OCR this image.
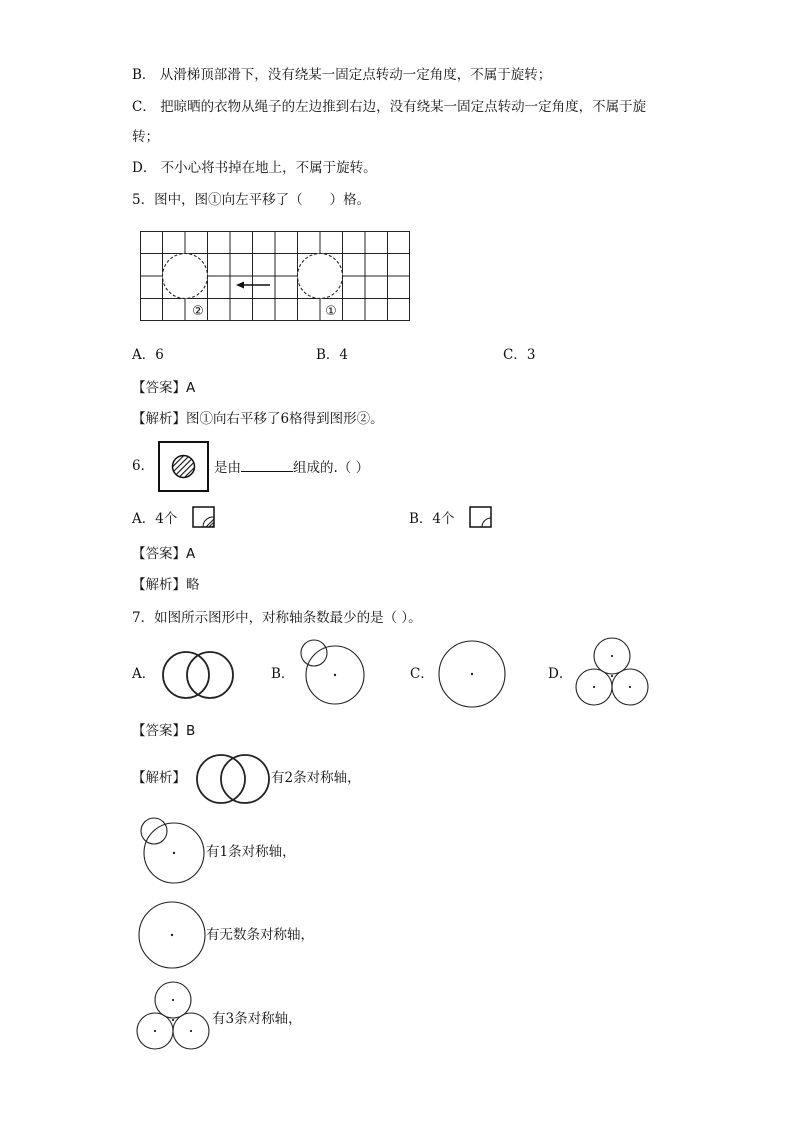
B． 从滑梯顶部滑下，没有绕某一固定点转动一定角度，不属于旋转；
C． 把晾晒的衣物从绳子的左边推到右边，没有绕某一固定点转动一定角度，不属于旋
转；
D． 不小心将书掉在地上，不属于旋转。
5．图中，图①向左平移了（　　）格。
②	①
A．6	B．4	C．3
【答案】A
【解析】图①向右平移了6格得到图形②。
6．	是由	组成的.（ ）
A．4个	B．4个
【答案】A
【解析】略
7．如图所示图形中，对称轴条数最少的是（ ）。
A．	B．	C．	D．
【答案】B
【解析】	有2条对称轴，
有1条对称轴，
有无数条对称轴，
有3条对称轴，
